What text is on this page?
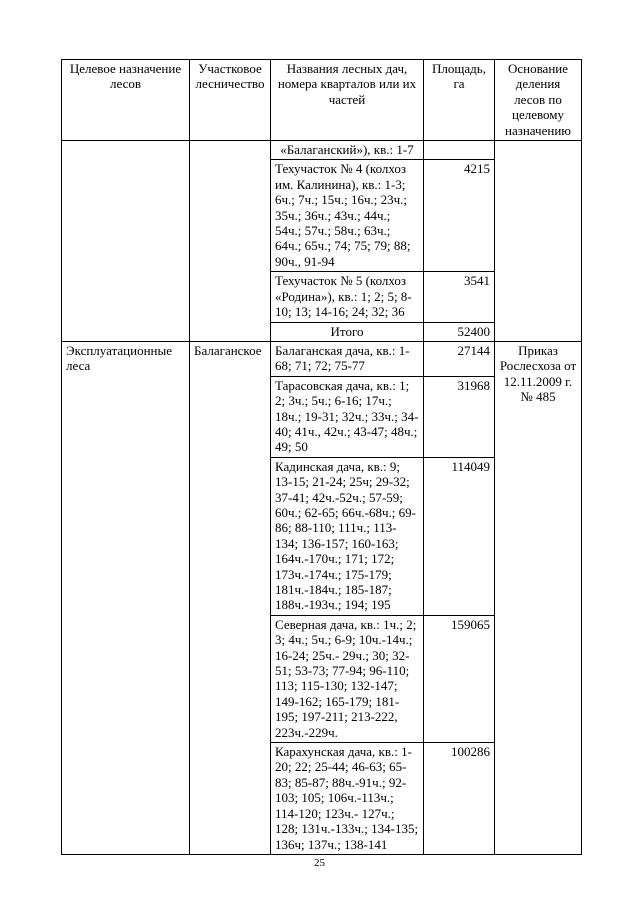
Целевое назначение лесов	Участковое лесничество	Названия лесных дач, номера кварталов или их частей	Площадь, га	Основание деления лесов по целевому назначению
		«Балаганский»), кв.: 1-7		
		Техучасток № 4 (колхоз им. Калинина), кв.: 1-3; 6ч.; 7ч.; 15ч.; 16ч.; 23ч.; 35ч.; 36ч.; 43ч.; 44ч.; 54ч.; 57ч.; 58ч.; 63ч.; 64ч.; 65ч.; 74; 75; 79; 88; 90ч., 91-94	4215	
		Техучасток № 5 (колхоз «Родина»), кв.: 1; 2; 5; 8-10; 13; 14-16; 24; 32; 36	3541	
		Итого	52400	
Эксплуатационные леса	Балаганское	Балаганская дача, кв.: 1-68; 71; 72; 75-77	27144	Приказ Рослесхоза от 12.11.2009 г. № 485
		Тарасовская дача, кв.: 1; 2; 3ч.; 5ч.; 6-16; 17ч.; 18ч.; 19-31; 32ч.; 33ч.; 34-40; 41ч., 42ч.; 43-47; 48ч.; 49; 50	31968	
		Кадинская дача, кв.: 9; 13-15; 21-24; 25ч; 29-32; 37-41; 42ч.-52ч.; 57-59; 60ч.; 62-65; 66ч.-68ч.; 69-86; 88-110; 111ч.; 113-134; 136-157; 160-163; 164ч.-170ч.; 171; 172; 173ч.-174ч.; 175-179; 181ч.-184ч.; 185-187; 188ч.-193ч.; 194; 195	114049	
		Северная дача, кв.: 1ч.; 2; 3; 4ч.; 5ч.; 6-9; 10ч.-14ч.; 16-24; 25ч.- 29ч.; 30; 32-51; 53-73; 77-94; 96-110; 113; 115-130; 132-147; 149-162; 165-179; 181-195; 197-211; 213-222, 223ч.-229ч.	159065	
		Карахунская дача, кв.: 1-20; 22; 25-44; 46-63; 65-83; 85-87; 88ч.-91ч.; 92-103; 105; 106ч.-113ч.; 114-120; 123ч.- 127ч.; 128; 131ч.-133ч.; 134-135; 136ч; 137ч.; 138-141	100286	
25
